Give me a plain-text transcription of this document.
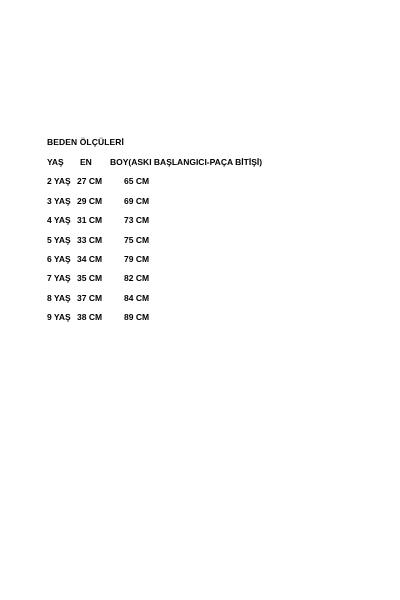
BEDEN ÖLÇÜLERİ
YAŞ EN BOY(ASKI BAŞLANGICI-PAÇA BİTİŞİ)
2 YAŞ 27 CM	65 CM
3 YAŞ 29 CM	69 CM
4 YAŞ 31 CM	73 CM
5 YAŞ 33 CM	75 CM
6 YAŞ 34 CM	79 CM
7 YAŞ 35 CM	82 CM
8 YAŞ 37 CM	84 CM
9 YAŞ 38 CM	89 CM
